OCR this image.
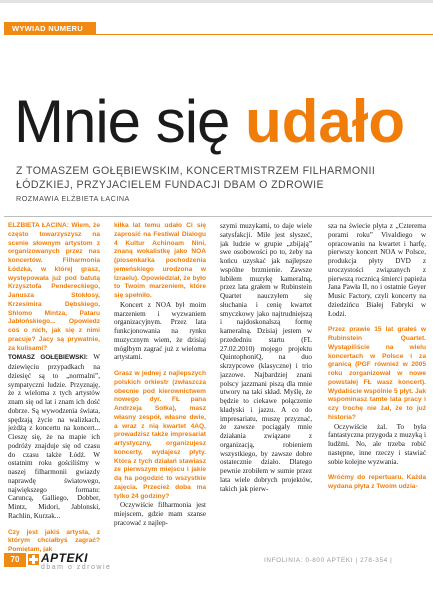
WYWIAD NUMERU
Mnie się udało
Z TOMASZEM GOŁĘBIEWSKIM, KONCERTMISTRZEM FILHARMONII ŁÓDZKIEJ, PRZYJACIELEM FUNDACJI DBAM O ZDROWIE
ROZMAWIA ELŻBIETA ŁACINA

ELŻBIETA ŁACINA: Wiem, że często towarzyszysz na scenie słownym artystom z organizowanych przez nas koncertów. Filharmonia Łódzka, w której grasz, występowała już pod batutą Krzysztofa Pendereckiego, Janusza Stokłosy, Krzesimira Dębskiego, Shlomo Mintza, Pataru Jabłońskiego... Opowiedz coś o nich, jak się z nimi pracuje? Jacy są prywatnie, za kulisami?

TOMASZ GOŁĘBIEWSKI: W dziewięciu przypadkach na dziesięć są to „normalni”, sympatyczni ludzie. Przyznaję, że z wieloma z tych artystów znam się od lat i znam ich dość dobrze. Są wywodzenia świata, spędzają życie na walizkach, jeżdżą z koncertu na koncert... Cieszę się, że na mapie ich podróży znajduje się od czasu do czasu także Łódź. W ostatnim roku gościliśmy w naszej filharmonii gwiazdy naprawdę światowego, największego formatu: Caruncą, Galliego, Dobber, Mintz, Midori, Jablonski, Rachlin, Kurzak...

Czy jest jakiś artysta, z którym chciałbyś zagrać? Pomiętam, jak

kiłka lat temu udało Ci się zaprosić na Festiwal Dialogu 4 Kultur Achinoam Nini, znaną wokalistkę jako NOA (piosenkarka pochodzenia jemeńskiego urodzona w Izraelu). Opowiedział, że było to Twoim marzeniem, które się spełniło.

Koncert z NOA był moim marzeniem i wyzwaniem organizacyjnym. Przez lata funkcjonowania na rynku muzycznym wiem, że dzisiaj mógłbym zagrać już z wieloma artystami.

Grasz w jednej z najlepszych polskich orkiestr (zwłaszcza obecnie pod kierownictwem nowego dyr. FŁ pana Andrzeja Sołka), masz własny zespół, własne dwie, a wraz z nią kwartet 4AQ, prowadzisz także impresariat artystyczny, organizujesz koncerty, wydajesz płyty. Która z tych działań stawiasz ze pierwszym miejscu i jakie dą ha pogodzić to wszystkie zajęcia. Przecież doba ma tylko 24 godziny?

Oczywiście filharmonia jest miejscem, gdzie mam szanse pracować z najlep-

szymi muzykami, to daje wiele satysfakcji. Mile jest słyszeć, jak ludzie w grupie „zbijają” swe osobowości po to, żeby na końcu uzyskać jak najlepsze wspólne brzmienie. Zawsze lubiłem muzykę kameralną, przez lata grałem w Rubinstein Quartet nauczyłem się słuchania i cenię kwartet smyczkowy jako najtrudniejszą i najdoskonalszą formę kameralną. Dzisiaj jestem w przededniu startu (FL 27.02.2010) mojego projektu QuintophoniQ, na duo skrzypcowe (klasyczne) i trio jazzowe. Najbardziej znani polscy jazzmani piszą dla mnie utwory na taki skład. Myślę, że będzie to ciekawe połączenie kładyski i jazzu. A co do impresariatu, muszę przyznać, że zawsze pociągały mnie działania związane z organizacją, robieniem wszystkiego, by zawsze dobre ostatecznie działo. Dlatego pewnie zrobiłem w sumie przez lata wiele dobrych projektów, takich jak pierw-

sza na świecie płyta z „Czterema porami roku” Vivaldiego w opracowaniu na kwartet i harfę, pierwszy koncert NOA w Polsce, produkcja płyty DVD z uroczystości związanych z pierwszą rocznicą śmierci papieża Jana Pawła II, no i ostatnie Geyer Music Factory, czyli koncerty na dziedzińcu Białej Fabryki w Łodzi.

Przez prawie 15 lat grałeś w Rubinstein Quartet. Wystąpiliście na wielu koncertach w Polsce i za granicą (PGF również w 2005 roku zorganizował w nowe powstałej FŁ wasz koncert). Wydaliście wspólnie 5 płyt. Jak wspominasz tamte lata pracy i czy trochę nie żal, że to już historia?

Oczywiście żal. To była fantastyczna przygoda z muzyką i ludźmi. No, ale trzeba robić następne, inne rzeczy i stawiać sobie kolejne wyzwania.

Wróćmy do repertuaru. Każda wydana płyta z Twoim udzia-

70	APTEKI
dbam o zdrowie
INFOLINIA: 0-800 APTEKI | 278-354 |
